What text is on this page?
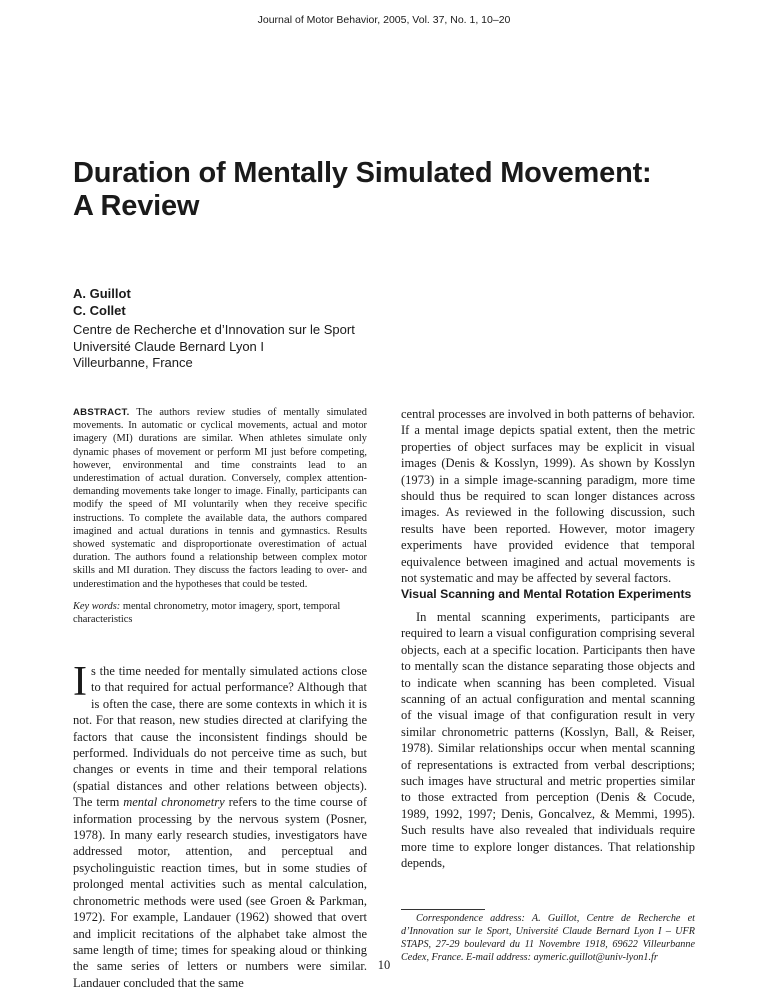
Journal of Motor Behavior, 2005, Vol. 37, No. 1, 10–20
Duration of Mentally Simulated Movement:
A Review
A. Guillot
C. Collet
Centre de Recherche et d’Innovation sur le Sport
Université Claude Bernard Lyon I
Villeurbanne, France
ABSTRACT. The authors review studies of mentally simulated movements. In automatic or cyclical movements, actual and motor imagery (MI) durations are similar. When athletes simulate only dynamic phases of movement or perform MI just before competing, however, environmental and time constraints lead to an underestimation of actual duration. Conversely, complex attention-demanding movements take longer to image. Finally, participants can modify the speed of MI voluntarily when they receive specific instructions. To complete the available data, the authors compared imagined and actual durations in tennis and gymnastics. Results showed systematic and disproportionate overestimation of actual duration. The authors found a relationship between complex motor skills and MI duration. They discuss the factors leading to over- and underestimation and the hypotheses that could be tested.
Key words: mental chronometry, motor imagery, sport, temporal characteristics
Is the time needed for mentally simulated actions close to that required for actual performance? Although that is often the case, there are some contexts in which it is not. For that reason, new studies directed at clarifying the factors that cause the inconsistent findings should be performed. Individuals do not perceive time as such, but changes or events in time and their temporal relations (spatial distances and other relations between objects). The term mental chronometry refers to the time course of information processing by the nervous system (Posner, 1978). In many early research studies, investigators have addressed motor, attention, and perceptual and psycholinguistic reaction times, but in some studies of prolonged mental activities such as mental calculation, chronometric methods were used (see Groen & Parkman, 1972). For example, Landauer (1962) showed that overt and implicit recitations of the alphabet take almost the same length of time; times for speaking aloud or thinking the same series of letters or numbers were similar. Landauer concluded that the same
central processes are involved in both patterns of behavior. If a mental image depicts spatial extent, then the metric properties of object surfaces may be explicit in visual images (Denis & Kosslyn, 1999). As shown by Kosslyn (1973) in a simple image-scanning paradigm, more time should thus be required to scan longer distances across images. As reviewed in the following discussion, such results have been reported. However, motor imagery experiments have provided evidence that temporal equivalence between imagined and actual movements is not systematic and may be affected by several factors.
Visual Scanning and Mental Rotation Experiments
In mental scanning experiments, participants are required to learn a visual configuration comprising several objects, each at a specific location. Participants then have to mentally scan the distance separating those objects and to indicate when scanning has been completed. Visual scanning of an actual configuration and mental scanning of the visual image of that configuration result in very similar chronometric patterns (Kosslyn, Ball, & Reiser, 1978). Similar relationships occur when mental scanning of representations is extracted from verbal descriptions; such images have structural and metric properties similar to those extracted from perception (Denis & Cocude, 1989, 1992, 1997; Denis, Goncalvez, & Memmi, 1995). Such results have also revealed that individuals require more time to explore longer distances. That relationship depends,
Correspondence address: A. Guillot, Centre de Recherche et d’Innovation sur le Sport, Université Claude Bernard Lyon I – UFR STAPS, 27-29 boulevard du 11 Novembre 1918, 69622 Villeurbanne Cedex, France. E-mail address: aymeric.guillot@univ-lyon1.fr
10
